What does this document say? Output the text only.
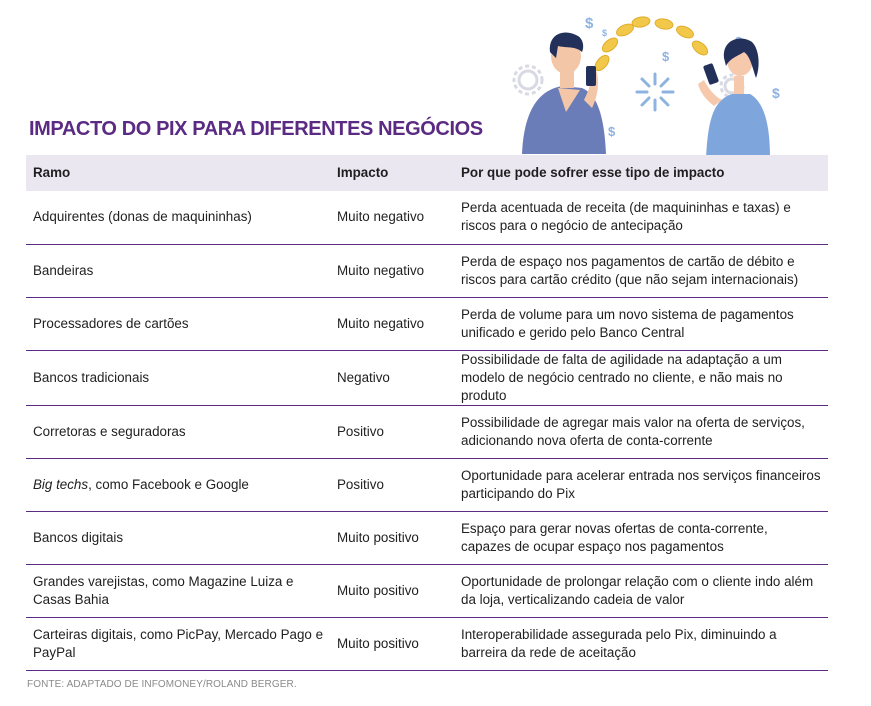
$
$
$
$
$
IMPACTO DO PIX PARA DIFERENTES NEGÓCIOS
Ramo	Impacto	Por que pode sofrer esse tipo de impacto
Adquirentes (donas de maquininhas)	Muito negativo	Perda acentuada de receita (de maquininhas e taxas) e riscos para o negócio de antecipação
Bandeiras	Muito negativo	Perda de espaço nos pagamentos de cartão de débito e riscos para cartão crédito (que não sejam internacionais)
Processadores de cartões	Muito negativo	Perda de volume para um novo sistema de pagamentos unificado e gerido pelo Banco Central
Bancos tradicionais	Negativo	Possibilidade de falta de agilidade na adaptação a um modelo de negócio centrado no cliente, e não mais no produto
Corretoras e seguradoras	Positivo	Possibilidade de agregar mais valor na oferta de serviços, adicionando nova oferta de conta-corrente
Big techs, como Facebook e Google	Positivo	Oportunidade para acelerar entrada nos serviços financeiros participando do Pix
Bancos digitais	Muito positivo	Espaço para gerar novas ofertas de conta-corrente, capazes de ocupar espaço nos pagamentos
Grandes varejistas, como Magazine Luiza e Casas Bahia	Muito positivo	Oportunidade de prolongar relação com o cliente indo além da loja, verticalizando cadeia de valor
Carteiras digitais, como PicPay, Mercado Pago e PayPal	Muito positivo	Interoperabilidade assegurada pelo Pix, diminuindo a barreira da rede de aceitação
FONTE: ADAPTADO DE INFOMONEY/ROLAND BERGER.
